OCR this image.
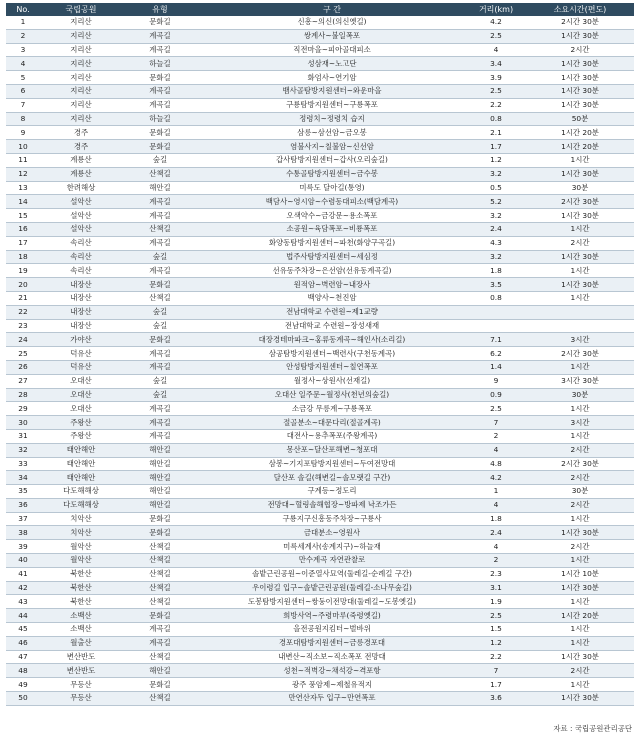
No.	국립공원	유형	구 간	거리(km)	소요시간(편도)
1	지리산	문화길	신흥~의신(의신옛길)	4.2	2시간 30분
2	지리산	계곡길	쌍계사~불일폭포	2.5	1시간 30분
3	지리산	계곡길	직전마을~피아골대피소	4	2시간
4	지리산	하늘길	성삼재~노고단	3.4	1시간 30분
5	지리산	문화길	화엄사~연기암	3.9	1시간 30분
6	지리산	계곡길	뱀사골탐방지원센터~와운마을	2.5	1시간 30분
7	지리산	계곡길	구룡탐방지원센터~구룡폭포	2.2	1시간 30분
8	지리산	하늘길	정령치~정령치 습지	0.8	50분
9	경주	문화길	삼릉~삼선암~금오봉	2.1	1시간 20분
10	경주	문화길	염불사지~칠불암~신선암	1.7	1시간 20분
11	계룡산	숲길	갑사탐방지원센터~갑사(오리숲길)	1.2	1시간
12	계룡산	산책길	수통골탐방지원센터~금수봉	3.2	1시간 30분
13	한려해상	해안길	미륵도 달아길(통영)	0.5	30분
14	설악산	계곡길	백담사~영시암~수렴동대피소(백담계곡)	5.2	2시간 30분
15	설악산	계곡길	오색약수~금강문~용소폭포	3.2	1시간 30분
16	설악산	산책길	소공원~육담폭포~비룡폭포	2.4	1시간
17	속리산	계곡길	화양동탐방지원센터~파천(화양구곡길)	4.3	2시간
18	속리산	숲길	법주사탐방지원센터~세심정	3.2	1시간 30분
19	속리산	계곡길	선유동주차장~은선암(선유동계곡길)	1.8	1시간
20	내장산	문화길	원적암~벽련암~내장사	3.5	1시간 30분
21	내장산	산책길	백양사~천진암	0.8	1시간
22	내장산	숲길	전남대학교 수련원~제1교량		
23	내장산	숲길	전남대학교 수련원~장성새재		
24	가야산	문화길	대장경테마파크~홍류동계곡~해인사(소리길)	7.1	3시간
25	덕유산	계곡길	삼공탐방지원센터~백련사(구천동계곡)	6.2	2시간 30분
26	덕유산	계곡길	안성탐방지원센터~칠연폭포	1.4	1시간
27	오대산	숲길	월정사~상원사(선재길)	9	3시간 30분
28	오대산	숲길	오대산 일주문~월정사(천년의숲길)	0.9	30분
29	오대산	계곡길	소금강 무릉계~구룡폭포	2.5	1시간
30	주왕산	계곡길	절골분소~대문다리(절골계곡)	7	3시간
31	주왕산	계곡길	대전사~용추폭포(주왕계곡)	2	1시간
32	태안해안	해안길	몽산포~달산포해변~청포대	4	2시간
33	태안해안	해안길	삼봉~기지포탐방지원센터~두여전망대	4.8	2시간 30분
34	태안해안	해안길	달산포 솔길(해변길~솔모랫길 구간)	4.2	2시간
35	다도해해상	해안길	구계등~정도리	1	30분
36	다도해해상	해안길	전망대~혈링솔해협장~방파제 낙조가든	4	2시간
37	치악산	문화길	구룡지구신흥동주차장~구룡사	1.8	1시간
38	치악산	문화길	금대분소~영원사	2.4	1시간 30분
39	월악산	산책길	미륵세계사(송계지구)~하늘재	4	2시간
40	월악산	산책길	만수계곡 자연관찰로	2	1시간
41	북한산	산책길	솔밭근린공원~이준열사묘역(둘레길-순례길 구간)	2.3	1시간 10분
42	북한산	산책길	우이령길 입구~솔밭근린공원(둘레길-소나무숲길)	3.1	1시간 30분
43	북한산	산책길	도봉탐방지원센터~쌍둥이전망대(둘레길~도봉옛길)	1.9	1시간
44	소백산	문화길	희방사역~주령마루(죽령옛길)	2.5	1시간 20분
45	소백산	계곡길	을전공원지킴터~벌바위	1.5	1시간
46	월출산	계곡길	경포대탐방지원센터~금릉경포대	1.2	1시간
47	변산반도	산책길	내변산~직소보~직소폭포 전망대	2.2	1시간 30분
48	변산반도	해안길	성천~적벽강~채석강~격포항	7	2시간
49	무등산	문화길	광주 풍암제~제철유적지	1.7	1시간
50	무등산	산책길	만연산자두 입구~만연폭포	3.6	1시간 30분
자료 : 국립공원관리공단
